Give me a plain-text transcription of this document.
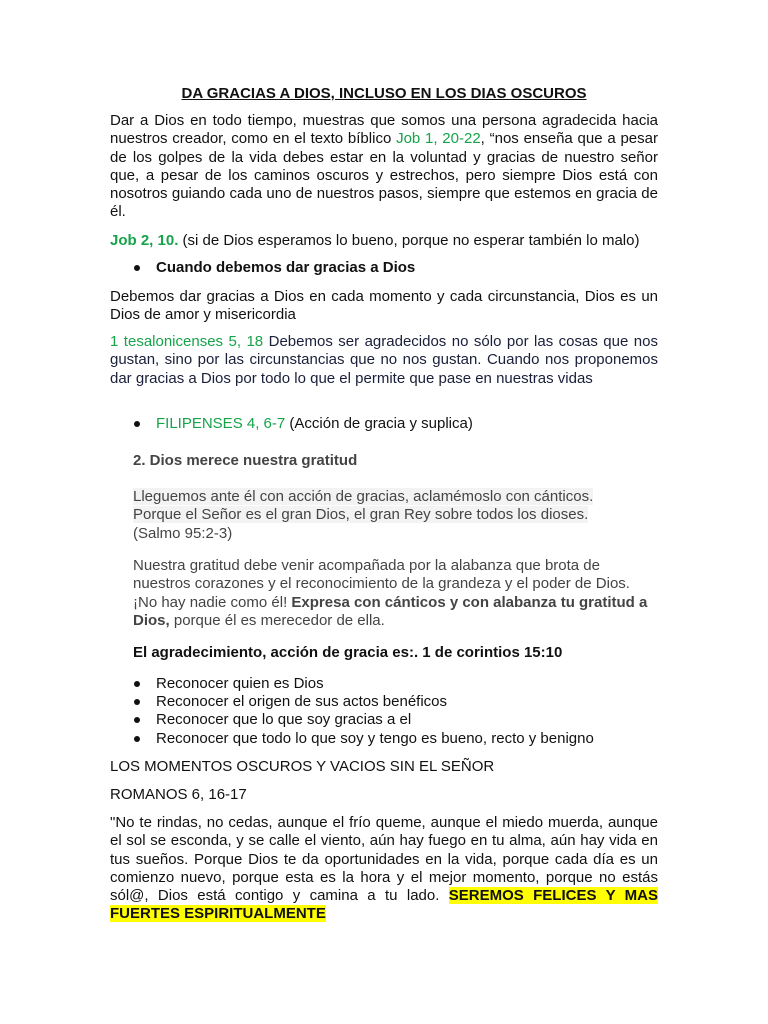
DA GRACIAS A DIOS, INCLUSO EN LOS DIAS OSCUROS

Dar a Dios en todo tiempo, muestras que somos una persona agradecida hacia nuestros creador, como en el texto bíblico Job 1, 20-22, “nos enseña que a pesar de los golpes de la vida debes estar en la voluntad y gracias de nuestro señor que, a pesar de los caminos oscuros y estrechos, pero siempre Dios está con nosotros guiando cada uno de nuestros pasos, siempre que estemos en gracia de él.

Job 2, 10. (si de Dios esperamos lo bueno, porque no esperar también lo malo)

Cuando debemos dar gracias a Dios

Debemos dar gracias a Dios en cada momento y cada circunstancia, Dios es un Dios de amor y misericordia

1 tesalonicenses 5, 18 Debemos ser agradecidos no sólo por las cosas que nos gustan, sino por las circunstancias que no nos gustan. Cuando nos proponemos dar gracias a Dios por todo lo que el permite que pase en nuestras vidas

FILIPENSES 4, 6-7 (Acción de gracia y suplica)

2. Dios merece nuestra gratitud

Lleguemos ante él con acción de gracias, aclamémoslo con cánticos.
Porque el Señor es el gran Dios, el gran Rey sobre todos los dioses.
(Salmo 95:2-3)

Nuestra gratitud debe venir acompañada por la alabanza que brota de nuestros corazones y el reconocimiento de la grandeza y el poder de Dios. ¡No hay nadie como él! Expresa con cánticos y con alabanza tu gratitud a Dios, porque él es merecedor de ella.

El agradecimiento, acción de gracia es:. 1 de corintios 15:10

Reconocer quien es Dios
Reconocer el origen de sus actos benéficos
Reconocer que lo que soy gracias a el
Reconocer que todo lo que soy y tengo es bueno, recto y benigno

LOS MOMENTOS OSCUROS Y VACIOS SIN EL SEÑOR

ROMANOS 6, 16-17

"No te rindas, no cedas, aunque el frío queme, aunque el miedo muerda, aunque el sol se esconda, y se calle el viento, aún hay fuego en tu alma, aún hay vida en tus sueños. Porque Dios te da oportunidades en la vida, porque cada día es un comienzo nuevo, porque esta es la hora y el mejor momento, porque no estás sól@, Dios está contigo y camina a tu lado. SEREMOS FELICES Y MAS FUERTES ESPIRITUALMENTE
